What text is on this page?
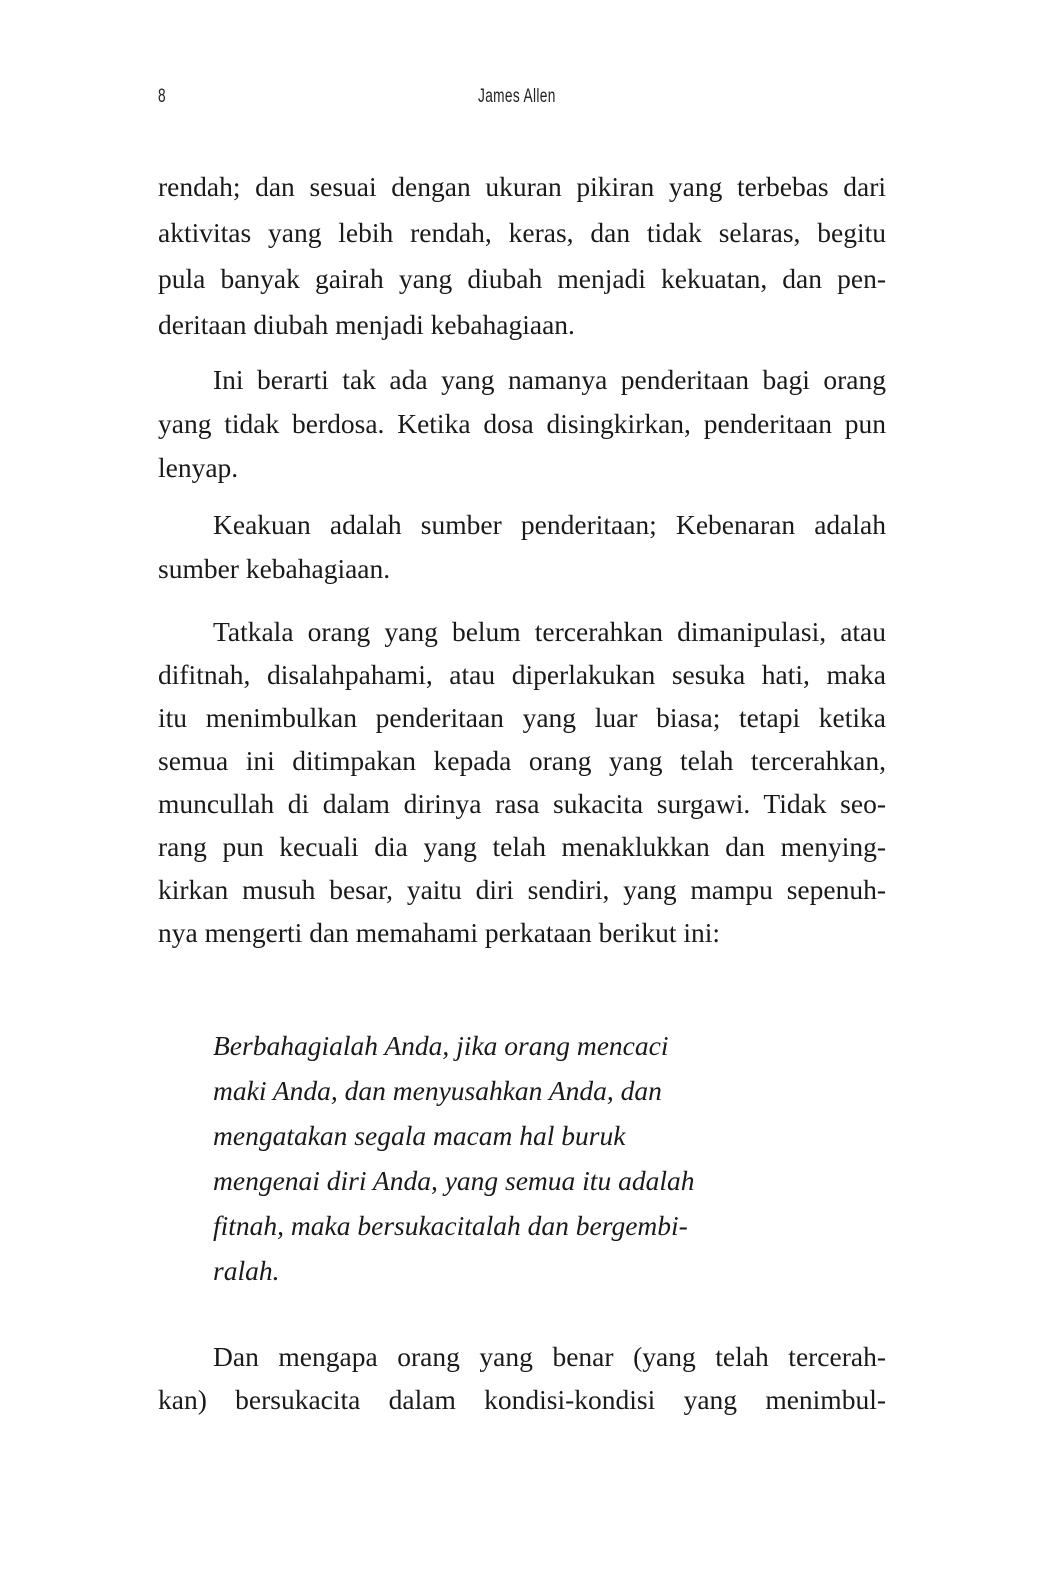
8	James Allen
rendah; dan sesuai dengan ukuran pikiran yang terbebas dari
aktivitas yang lebih rendah, keras, dan tidak selaras, begitu
pula banyak gairah yang diubah menjadi kekuatan, dan pen-
deritaan diubah menjadi kebahagiaan.
Ini berarti tak ada yang namanya penderitaan bagi orang
yang tidak berdosa. Ketika dosa disingkirkan, penderitaan pun
lenyap.
Keakuan adalah sumber penderitaan; Kebenaran adalah
sumber kebahagiaan.
Tatkala orang yang belum tercerahkan dimanipulasi, atau
difitnah, disalahpahami, atau diperlakukan sesuka hati, maka
itu menimbulkan penderitaan yang luar biasa; tetapi ketika
semua ini ditimpakan kepada orang yang telah tercerahkan,
muncullah di dalam dirinya rasa sukacita surgawi. Tidak seo-
rang pun kecuali dia yang telah menaklukkan dan menying-
kirkan musuh besar, yaitu diri sendiri, yang mampu sepenuh-
nya mengerti dan memahami perkataan berikut ini:
Berbahagialah Anda, jika orang mencaci
maki Anda, dan menyusahkan Anda, dan
mengatakan segala macam hal buruk
mengenai diri Anda, yang semua itu adalah
fitnah, maka bersukacitalah dan bergembi-
ralah.
Dan mengapa orang yang benar (yang telah tercerah-
kan) bersukacita dalam kondisi-kondisi yang menimbul-
